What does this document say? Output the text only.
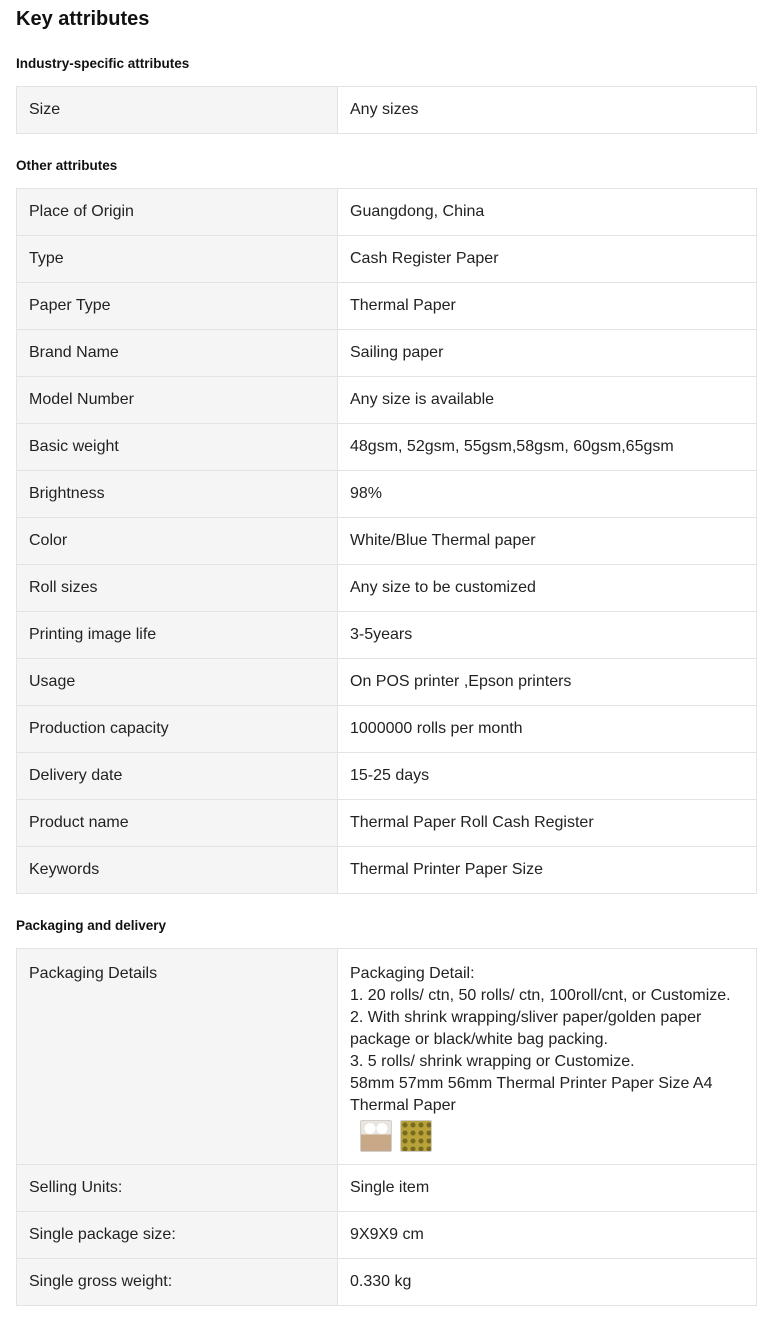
Key attributes
Industry-specific attributes
Size	Any sizes
Other attributes
Place of Origin	Guangdong, China
Type	Cash Register Paper
Paper Type	Thermal Paper
Brand Name	Sailing paper
Model Number	Any size is available
Basic weight	48gsm, 52gsm, 55gsm,58gsm, 60gsm,65gsm
Brightness	98%
Color	White/Blue Thermal paper
Roll sizes	Any size to be customized
Printing image life	3-5years
Usage	On POS printer ,Epson printers
Production capacity	1000000 rolls per month
Delivery date	15-25 days
Product name	Thermal Paper Roll Cash Register
Keywords	Thermal Printer Paper Size
Packaging and delivery
Packaging Details	Packaging Detail:
1. 20 rolls/ ctn, 50 rolls/ ctn, 100roll/cnt, or Customize.
2. With shrink wrapping/sliver paper/golden paper package or black/white bag packing.
3. 5 rolls/ shrink wrapping or Customize.
58mm 57mm 56mm Thermal Printer Paper Size A4 Thermal Paper

Selling Units:	Single item
Single package size:	9X9X9 cm
Single gross weight:	0.330 kg
